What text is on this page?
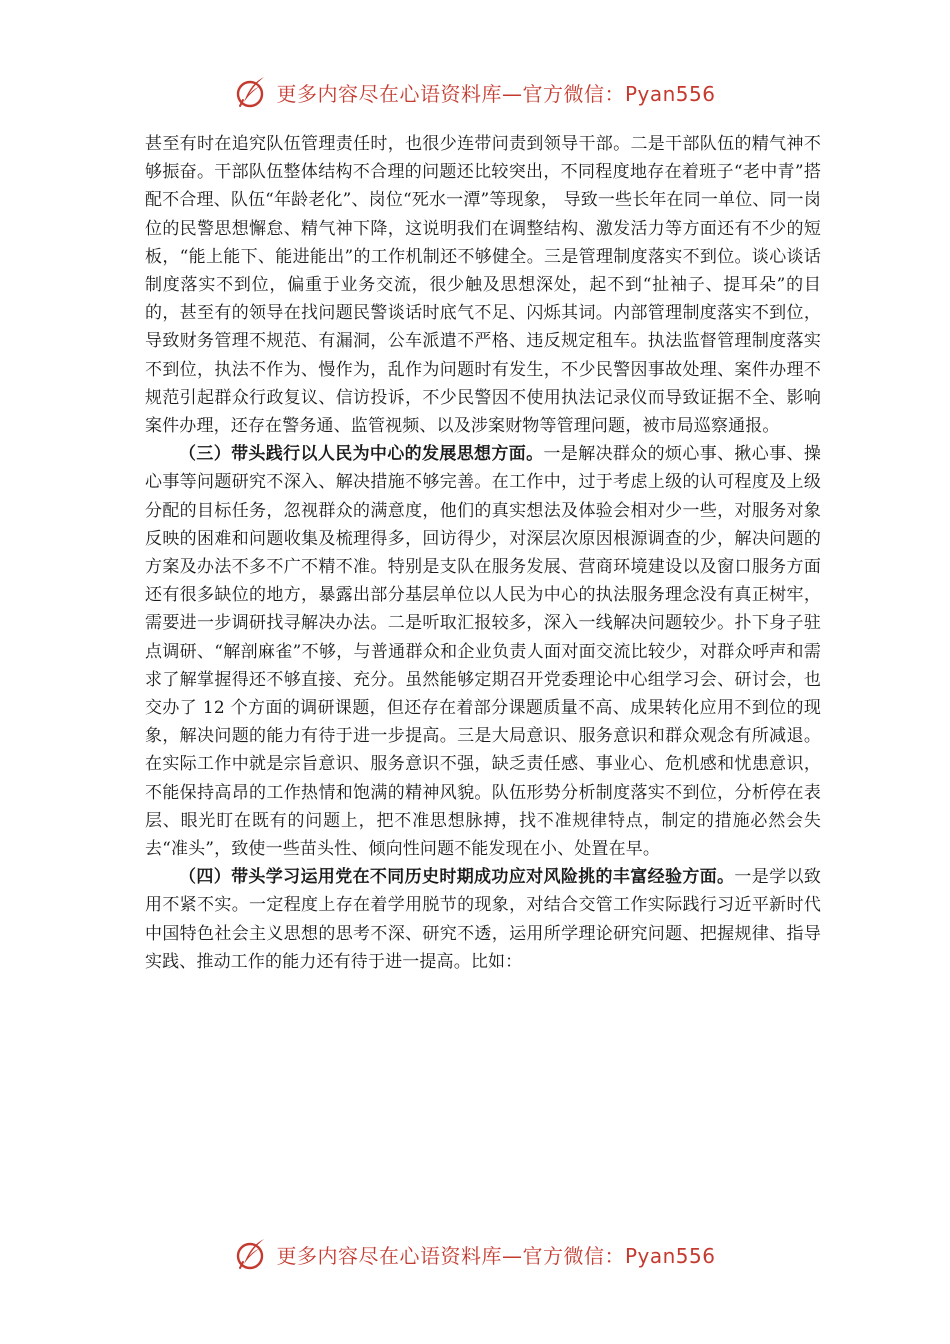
更多内容尽在心语资料库—官方微信：Pyan556

甚至有时在追究队伍管理责任时，也很少连带问责到领导干部。二是干部队伍的精气神不够振奋。干部队伍整体结构不合理的问题还比较突出，不同程度地存在着班子“老中青”搭配不合理、队伍“年龄老化”、岗位“死水一潭”等现象， 导致一些长年在同一单位、同一岗位的民警思想懈怠、精气神下降，这说明我们在调整结构、激发活力等方面还有不少的短板，“能上能下、能进能出”的工作机制还不够健全。三是管理制度落实不到位。谈心谈话制度落实不到位，偏重于业务交流，很少触及思想深处，起不到“扯袖子、提耳朵”的目的，甚至有的领导在找问题民警谈话时底气不足、闪烁其词。内部管理制度落实不到位，导致财务管理不规范、有漏洞，公车派遣不严格、违反规定租车。执法监督管理制度落实不到位，执法不作为、慢作为，乱作为问题时有发生，不少民警因事故处理、案件办理不规范引起群众行政复议、信访投诉，不少民警因不使用执法记录仪而导致证据不全、影响案件办理，还存在警务通、监管视频、以及涉案财物等管理问题，被市局巡察通报。

（三）带头践行以人民为中心的发展思想方面。一是解决群众的烦心事、揪心事、操心事等问题研究不深入、解决措施不够完善。在工作中，过于考虑上级的认可程度及上级分配的目标任务，忽视群众的满意度，他们的真实想法及体验会相对少一些，对服务对象反映的困难和问题收集及梳理得多，回访得少，对深层次原因根源调查的少，解决问题的方案及办法不多不广不精不准。特别是支队在服务发展、营商环境建设以及窗口服务方面还有很多缺位的地方，暴露出部分基层单位以人民为中心的执法服务理念没有真正树牢，需要进一步调研找寻解决办法。二是听取汇报较多，深入一线解决问题较少。扑下身子驻点调研、“解剖麻雀”不够，与普通群众和企业负责人面对面交流比较少，对群众呼声和需求了解掌握得还不够直接、充分。虽然能够定期召开党委理论中心组学习会、研讨会，也交办了 12 个方面的调研课题，但还存在着部分课题质量不高、成果转化应用不到位的现象，解决问题的能力有待于进一步提高。三是大局意识、服务意识和群众观念有所减退。在实际工作中就是宗旨意识、服务意识不强，缺乏责任感、事业心、危机感和忧患意识，不能保持高昂的工作热情和饱满的精神风貌。队伍形势分析制度落实不到位，分析停在表层、眼光盯在既有的问题上，把不准思想脉搏，找不准规律特点，制定的措施必然会失去“准头”，致使一些苗头性、倾向性问题不能发现在小、处置在早。

（四）带头学习运用党在不同历史时期成功应对风险挑的丰富经验方面。一是学以致用不紧不实。一定程度上存在着学用脱节的现象，对结合交管工作实际践行习近平新时代中国特色社会主义思想的思考不深、研究不透，运用所学理论研究问题、把握规律、指导实践、推动工作的能力还有待于进一提高。比如：

更多内容尽在心语资料库—官方微信：Pyan556
